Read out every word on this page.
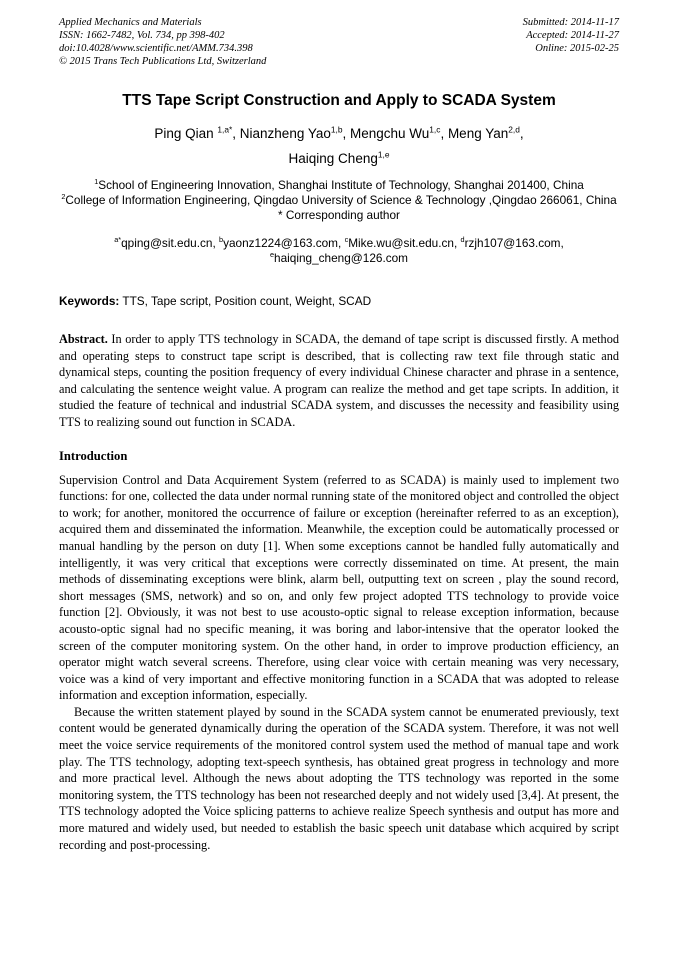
Applied Mechanics and Materials
ISSN: 1662-7482, Vol. 734, pp 398-402
doi:10.4028/www.scientific.net/AMM.734.398
© 2015 Trans Tech Publications Ltd, Switzerland
Submitted: 2014-11-17
Accepted: 2014-11-27
Online: 2015-02-25
TTS Tape Script Construction and Apply to SCADA System
Ping Qian $^{1,a*}$, Nianzheng Yao$^{1,b}$, Mengchu Wu$^{1,c}$, Meng Yan$^{2,d}$,
Haiqing Cheng$^{1,e}$

$^1$School of Engineering Innovation, Shanghai Institute of Technology, Shanghai 201400, China

$^2$College of Information Engineering, Qingdao University of Science & Technology ,Qingdao 266061, China

* Corresponding author

$^{a*}$qping@sit.edu.cn, $^b$yaonz1224@163.com, $^c$Mike.wu@sit.edu.cn, $^d$rzjh107@163.com,
$^e$haiqing_cheng@126.com
Keywords: TTS, Tape script, Position count, Weight, SCAD

Abstract. In order to apply TTS technology in SCADA, the demand of tape script is discussed firstly. A method and operating steps to construct tape script is described, that is collecting raw text file through static and dynamical steps, counting the position frequency of every individual Chinese character and phrase in a sentence, and calculating the sentence weight value. A program can realize the method and get tape scripts. In addition, it studied the feature of technical and industrial SCADA system, and discusses the necessity and feasibility using TTS to realizing sound out function in SCADA.

Introduction

Supervision Control and Data Acquirement System (referred to as SCADA) is mainly used to implement two functions: for one, collected the data under normal running state of the monitored object and controlled the object to work; for another, monitored the occurrence of failure or exception (hereinafter referred to as an exception), acquired them and disseminated the information. Meanwhile, the exception could be automatically processed or manual handling by the person on duty [1]. When some exceptions cannot be handled fully automatically and intelligently, it was very critical that exceptions were correctly disseminated on time. At present, the main methods of disseminating exceptions were blink, alarm bell, outputting text on screen , play the sound record, short messages (SMS, network) and so on, and only few project adopted TTS technology to provide voice function [2]. Obviously, it was not best to use acousto-optic signal to release exception information, because acousto-optic signal had no specific meaning, it was boring and labor-intensive that the operator looked the screen of the computer monitoring system. On the other hand, in order to improve production efficiency, an operator might watch several screens. Therefore, using clear voice with certain meaning was very necessary, voice was a kind of very important and effective monitoring function in a SCADA that was adopted to release information and exception information, especially.

Because the written statement played by sound in the SCADA system cannot be enumerated previously, text content would be generated dynamically during the operation of the SCADA system. Therefore, it was not well meet the voice service requirements of the monitored control system used the method of manual tape and work play. The TTS technology, adopting text-speech synthesis, has obtained great progress in technology and more and more practical level. Although the news about adopting the TTS technology was reported in the some monitoring system, the TTS technology has been not researched deeply and not widely used [3,4]. At present, the TTS technology adopted the Voice splicing patterns to achieve realize Speech synthesis and output has more and more matured and widely used, but needed to establish the basic speech unit database which acquired by script recording and post-processing.
